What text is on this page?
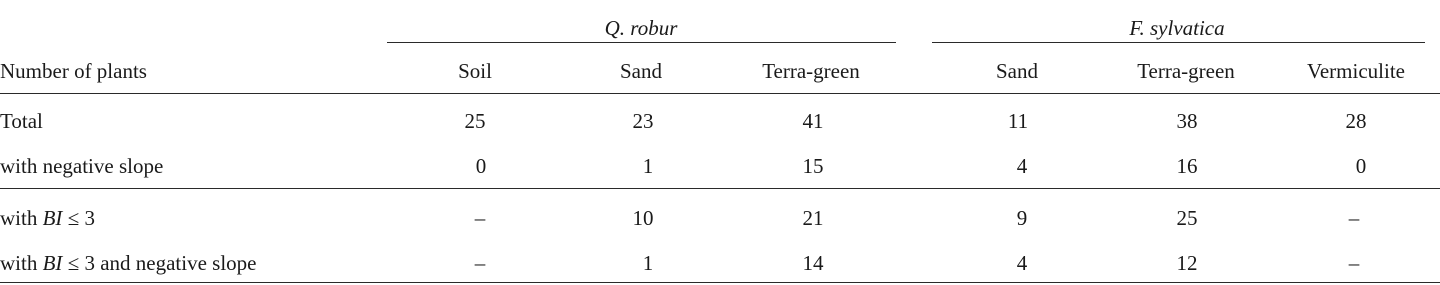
Q. robur	F. sylvatica
Number of plants	Soil	Sand	Terra-green	Sand	Terra-green	Vermiculite
Total	25	23	41	11	38	28
with negative slope	0	1	15	4	16	0
with BI ≤ 3	–	10	21	9	25	–
with BI ≤ 3 and negative slope	–	1	14	4	12	–
